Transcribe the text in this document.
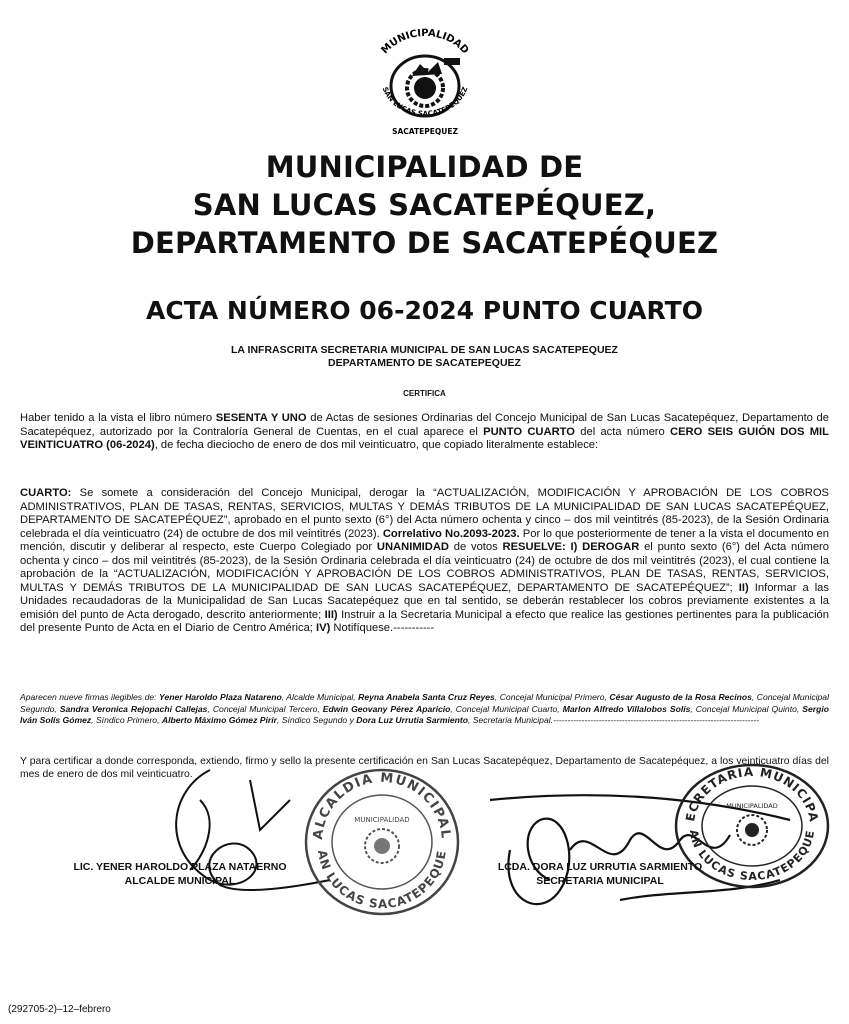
MUNICIPALIDAD
SAN LUCAS SACATEPEQUEZ
SACATEPEQUEZ
MUNICIPALIDAD DE
SAN LUCAS SACATEPÉQUEZ,
DEPARTAMENTO DE SACATEPÉQUEZ
ACTA NÚMERO 06-2024 PUNTO CUARTO
LA INFRASCRITA SECRETARIA MUNICIPAL DE SAN LUCAS SACATEPEQUEZ
DEPARTAMENTO DE SACATEPEQUEZ
CERTIFICA
Haber tenido a la vista el libro número SESENTA Y UNO de Actas de sesiones Ordinarias del Concejo Municipal de San Lucas Sacatepéquez, Departamento de Sacatepéquez, autorizado por la Contraloría General de Cuentas, en el cual aparece el PUNTO CUARTO del acta número CERO SEIS GUIÓN DOS MIL VEINTICUATRO (06-2024), de fecha dieciocho de enero de dos mil veinticuatro, que copiado literalmente establece:
CUARTO: Se somete a consideración del Concejo Municipal, derogar la “ACTUALIZACIÓN, MODIFICACIÓN Y APROBACIÓN DE LOS COBROS ADMINISTRATIVOS, PLAN DE TASAS, RENTAS, SERVICIOS, MULTAS Y DEMÁS TRIBUTOS DE LA MUNICIPALIDAD DE SAN LUCAS SACATEPÉQUEZ, DEPARTAMENTO DE SACATEPÉQUEZ”, aprobado en el punto sexto (6°) del Acta número ochenta y cinco – dos mil veintitrés (85-2023), de la Sesión Ordinaria celebrada el día veinticuatro (24) de octubre de dos mil veintitrés (2023). Correlativo No.2093-2023. Por lo que posteriormente de tener a la vista el documento en mención, discutir y deliberar al respecto, este Cuerpo Colegiado por UNANIMIDAD de votos RESUELVE: I) DEROGAR el punto sexto (6°) del Acta número ochenta y cinco – dos mil veintitrés (85-2023), de la Sesión Ordinaria celebrada el día veinticuatro (24) de octubre de dos mil veintitrés (2023), el cual contiene la aprobación de la “ACTUALIZACIÓN, MODIFICACIÓN Y APROBACIÓN DE LOS COBROS ADMINISTRATIVOS, PLAN DE TASAS, RENTAS, SERVICIOS, MULTAS Y DEMÁS TRIBUTOS DE LA MUNICIPALIDAD DE SAN LUCAS SACATEPÉQUEZ, DEPARTAMENTO DE SACATEPÉQUEZ”; II) Informar a las Unidades recaudadoras de la Municipalidad de San Lucas Sacatepéquez que en tal sentido, se deberán restablecer los cobros previamente existentes a la emisión del punto de Acta derogado, descrito anteriormente; III) Instruir a la Secretaria Municipal a efecto que realice las gestiones pertinentes para la publicación del presente Punto de Acta en el Diario de Centro América; IV) Notifíquese.-----------
Aparecen nueve firmas ilegibles de: Yener Haroldo Plaza Natareno, Alcalde Municipal, Reyna Anabela Santa Cruz Reyes, Concejal Municipal Primero, César Augusto de la Rosa Recinos, Concejal Municipal Segundo, Sandra Veronica Rejopachi Callejas, Concejal Municipal Tercero, Edwin Geovany Pérez Aparicio, Concejal Municipal Cuarto, Marlon Alfredo Villalobos Solís, Concejal Municipal Quinto, Sergio Iván Solís Gómez, Síndico Primero, Alberto Máximo Gómez Pirir, Síndico Segundo y Dora Luz Urrutia Sarmiento, Secretaria Municipal.------------------------------------------------------------------------
Y para certificar a donde corresponda, extiendo, firmo y sello la presente certificación en San Lucas Sacatepéquez, Departamento de Sacatepéquez, a los veinticuatro días del mes de enero de dos mil veinticuatro.
ALCALDIA MUNICIPAL
AN LUCAS SACATEPEQUE
MUNICIPALIDAD	ECRETARIA MUNICIPA
AN LUCAS SACATEPEQUE
MUNICIPALIDAD
LIC. YENER HAROLDO PLAZA NATAERNO
ALCALDE MUNICIPAL
LCDA. DORA LUZ URRUTIA SARMIENTO
SECRETARIA MUNICIPAL
(292705-2)–12–febrero
